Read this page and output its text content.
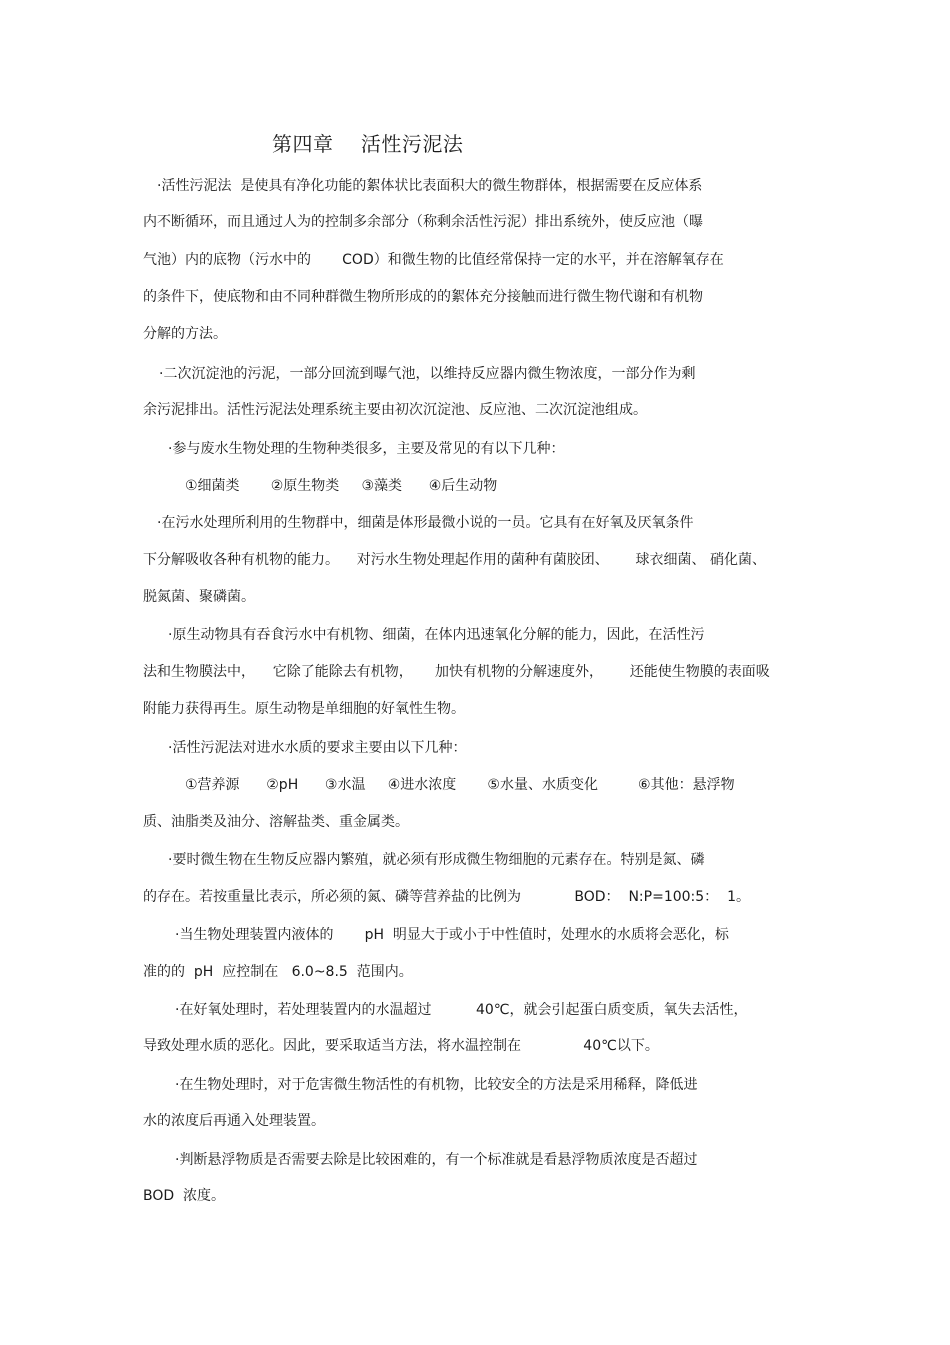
第四章    活性污泥法
·活性污泥法  是使具有净化功能的絮体状比表面积大的微生物群体，根据需要在反应体系
内不断循环，而且通过人为的控制多余部分（称剩余活性污泥）排出系统外，使反应池（曝
气池）内的底物（污水中的       COD）和微生物的比值经常保持一定的水平，并在溶解氧存在
的条件下，使底物和由不同种群微生物所形成的的絮体充分接触而进行微生物代谢和有机物
分解的方法。
·二次沉淀池的污泥，一部分回流到曝气池，以维持反应器内微生物浓度，一部分作为剩
余污泥排出。活性污泥法处理系统主要由初次沉淀池、反应池、二次沉淀池组成。
·参与废水生物处理的生物种类很多，主要及常见的有以下几种：
①细菌类       ②原生物类     ③藻类      ④后生动物
·在污水处理所利用的生物群中，细菌是体形最微小说的一员。它具有在好氧及厌氧条件
下分解吸收各种有机物的能力。    对污水生物处理起作用的菌种有菌胶团、      球衣细菌、 硝化菌、
脱氮菌、聚磷菌。
·原生动物具有吞食污水中有机物、细菌，在体内迅速氧化分解的能力，因此，在活性污
法和生物膜法中，    它除了能除去有机物，     加快有机物的分解速度外，      还能使生物膜的表面吸
附能力获得再生。原生动物是单细胞的好氧性生物。
·活性污泥法对进水水质的要求主要由以下几种：
①营养源      ②pH      ③水温     ④进水浓度       ⑤水量、水质变化         ⑥其他：悬浮物
质、油脂类及油分、溶解盐类、重金属类。
·要时微生物在生物反应器内繁殖，就必须有形成微生物细胞的元素存在。特别是氮、磷
的存在。若按重量比表示，所必须的氮、磷等营养盐的比例为            BOD：  N:P=100:5：  1。
·当生物处理装置内液体的       pH  明显大于或小于中性值时，处理水的水质将会恶化，标
准的的  pH  应控制在   6.0~8.5  范围内。
·在好氧处理时，若处理装置内的水温超过          40℃，就会引起蛋白质变质，氧失去活性，
导致处理水质的恶化。因此，要采取适当方法，将水温控制在              40℃以下。
·在生物处理时，对于危害微生物活性的有机物，比较安全的方法是采用稀释，降低进
水的浓度后再通入处理装置。
·判断悬浮物质是否需要去除是比较困难的，有一个标准就是看悬浮物质浓度是否超过
BOD  浓度。
